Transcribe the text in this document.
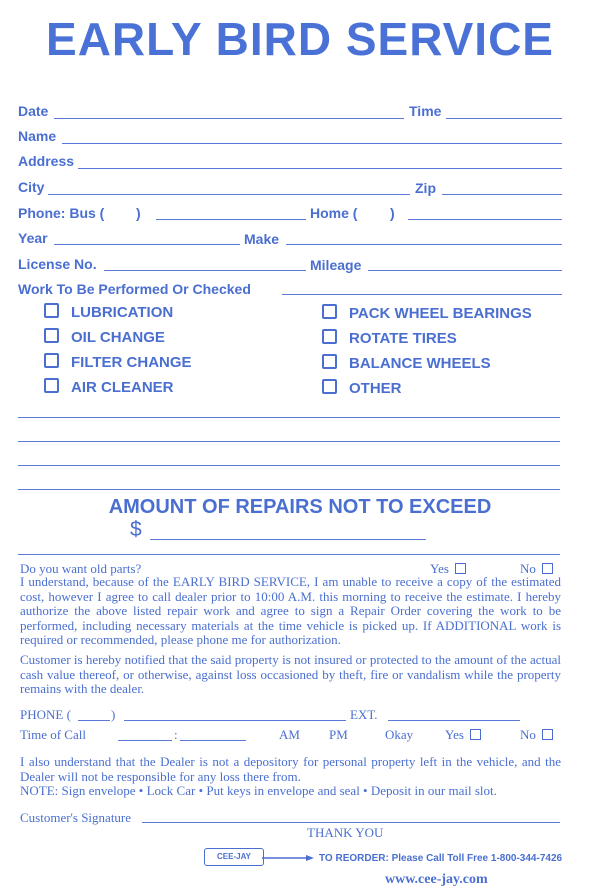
EARLY BIRD SERVICE
Date	Time
Name
Address
City	Zip
Phone: Bus ( )	Home ( )
Year	Make
License No.	Mileage
Work To Be Performed Or Checked
LUBRICATION
OIL CHANGE
FILTER CHANGE
AIR CLEANER
PACK WHEEL BEARINGS
ROTATE TIRES
BALANCE WHEELS
OTHER
AMOUNT OF REPAIRS NOT TO EXCEED
$
Do you want old parts?	Yes	No
I understand, because of the EARLY BIRD SERVICE, I am unable to receive a copy of the estimated cost, however I agree to call dealer prior to 10:00 A.M. this morning to receive the estimate. I hereby authorize the above listed repair work and agree to sign a Repair Order covering the work to be performed, including necessary materials at the time vehicle is picked up. If ADDITIONAL work is required or recommended, please phone me for authorization.
Customer is hereby notified that the said property is not insured or protected to the amount of the actual cash value thereof, or otherwise, against loss occasioned by theft, fire or vandalism while the property remains with the dealer.
PHONE (	)	EXT.
Time of Call	:	AM PM	Okay Yes	No
I also understand that the Dealer is not a depository for personal property left in the vehicle, and the Dealer will not be responsible for any loss there from.
NOTE: Sign envelope • Lock Car • Put keys in envelope and seal • Deposit in our mail slot.
Customer's Signature
THANK YOU
CEE-JAY	TO REORDER: Please Call Toll Free 1-800-344-7426
www.cee-jay.com
